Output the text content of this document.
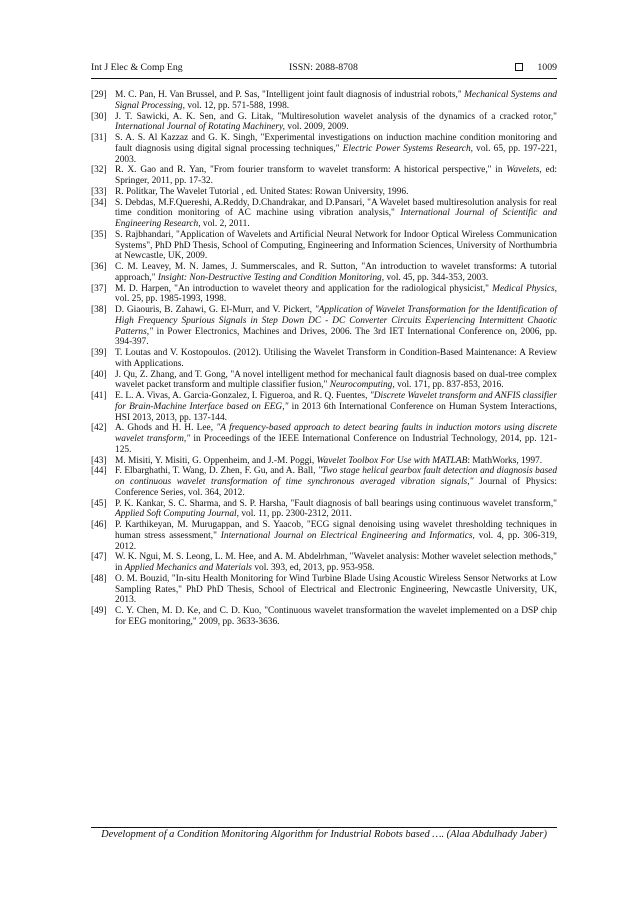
Int J Elec & Comp Eng	ISSN: 2088-8708	1009
[29] M. C. Pan, H. Van Brussel, and P. Sas, "Intelligent joint fault diagnosis of industrial robots," Mechanical Systems and Signal Processing, vol. 12, pp. 571-588, 1998.
[30] J. T. Sawicki, A. K. Sen, and G. Litak, "Multiresolution wavelet analysis of the dynamics of a cracked rotor," International Journal of Rotating Machinery, vol. 2009, 2009.
[31] S. A. S. Al Kazzaz and G. K. Singh, "Experimental investigations on induction machine condition monitoring and fault diagnosis using digital signal processing techniques," Electric Power Systems Research, vol. 65, pp. 197-221, 2003.
[32] R. X. Gao and R. Yan, "From fourier transform to wavelet transform: A historical perspective," in Wavelets, ed: Springer, 2011, pp. 17-32.
[33] R. Politkar, The Wavelet Tutorial , ed. United States: Rowan University, 1996.
[34] S. Debdas, M.F.Quereshi, A.Reddy, D.Chandrakar, and D.Pansari, "A Wavelet based multiresolution analysis for real time condition monitoring of AC machine using vibration analysis," International Journal of Scientific and Engineering Research, vol. 2, 2011.
[35] S. Rajbhandari, "Application of Wavelets and Artificial Neural Network for Indoor Optical Wireless Communication Systems", PhD PhD Thesis, School of Computing, Engineering and Information Sciences, University of Northumbria at Newcastle, UK, 2009.
[36] C. M. Leavey, M. N. James, J. Summerscales, and R. Sutton, "An introduction to wavelet transforms: A tutorial approach," Insight: Non-Destructive Testing and Condition Monitoring, vol. 45, pp. 344-353, 2003.
[37] M. D. Harpen, "An introduction to wavelet theory and application for the radiological physicist," Medical Physics, vol. 25, pp. 1985-1993, 1998.
[38] D. Giaouris, B. Zahawi, G. El-Murr, and V. Pickert, "Application of Wavelet Transformation for the Identification of High Frequency Spurious Signals in Step Down DC - DC Converter Circuits Experiencing Intermittent Chaotic Patterns," in Power Electronics, Machines and Drives, 2006. The 3rd IET International Conference on, 2006, pp. 394-397.
[39] T. Loutas and V. Kostopoulos. (2012). Utilising the Wavelet Transform in Condition-Based Maintenance: A Review with Applications.
[40] J. Qu, Z. Zhang, and T. Gong, "A novel intelligent method for mechanical fault diagnosis based on dual-tree complex wavelet packet transform and multiple classifier fusion," Neurocomputing, vol. 171, pp. 837-853, 2016.
[41] E. L. A. Vivas, A. Garcia-Gonzalez, I. Figueroa, and R. Q. Fuentes, "Discrete Wavelet transform and ANFIS classifier for Brain-Machine Interface based on EEG," in 2013 6th International Conference on Human System Interactions, HSI 2013, 2013, pp. 137-144.
[42] A. Ghods and H. H. Lee, "A frequency-based approach to detect bearing faults in induction motors using discrete wavelet transform," in Proceedings of the IEEE International Conference on Industrial Technology, 2014, pp. 121-125.
[43] M. Misiti, Y. Misiti, G. Oppenheim, and J.-M. Poggi, Wavelet Toolbox For Use with MATLAB: MathWorks, 1997.
[44] F. Elbarghathi, T. Wang, D. Zhen, F. Gu, and A. Ball, "Two stage helical gearbox fault detection and diagnosis based on continuous wavelet transformation of time synchronous averaged vibration signals," Journal of Physics: Conference Series, vol. 364, 2012.
[45] P. K. Kankar, S. C. Sharma, and S. P. Harsha, "Fault diagnosis of ball bearings using continuous wavelet transform," Applied Soft Computing Journal, vol. 11, pp. 2300-2312, 2011.
[46] P. Karthikeyan, M. Murugappan, and S. Yaacob, "ECG signal denoising using wavelet thresholding techniques in human stress assessment," International Journal on Electrical Engineering and Informatics, vol. 4, pp. 306-319, 2012.
[47] W. K. Ngui, M. S. Leong, L. M. Hee, and A. M. Abdelrhman, "Wavelet analysis: Mother wavelet selection methods," in Applied Mechanics and Materials vol. 393, ed, 2013, pp. 953-958.
[48] O. M. Bouzid, "In-situ Health Monitoring for Wind Turbine Blade Using Acoustic Wireless Sensor Networks at Low Sampling Rates," PhD PhD Thesis, School of Electrical and Electronic Engineering, Newcastle University, UK, 2013.
[49] C. Y. Chen, M. D. Ke, and C. D. Kuo, "Continuous wavelet transformation the wavelet implemented on a DSP chip for EEG monitoring," 2009, pp. 3633-3636.
Development of a Condition Monitoring Algorithm for Industrial Robots based …. (Alaa Abdulhady Jaber)
